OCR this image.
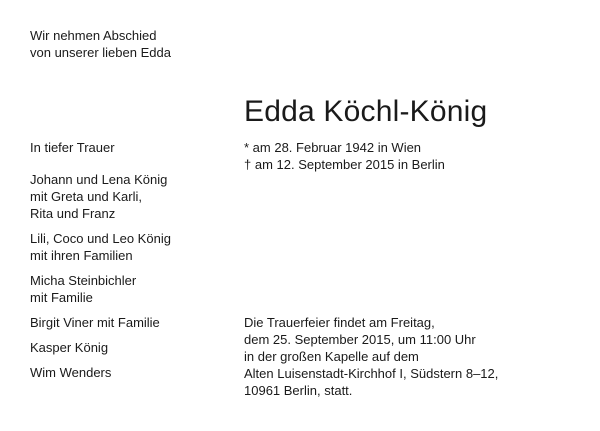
Wir nehmen Abschied
von unserer lieben Edda
Edda Köchl-König
* am 28. Februar 1942 in Wien
† am 12. September 2015 in Berlin
In tiefer Trauer
Johann und Lena König
mit Greta und Karli,
Rita und Franz
Lili, Coco und Leo König
mit ihren Familien
Micha Steinbichler
mit Familie
Birgit Viner mit Familie
Kasper König
Wim Wenders
Die Trauerfeier findet am Freitag,
dem 25. September 2015, um 11:00 Uhr
in der großen Kapelle auf dem
Alten Luisenstadt-Kirchhof I, Südstern 8–12,
10961 Berlin, statt.
